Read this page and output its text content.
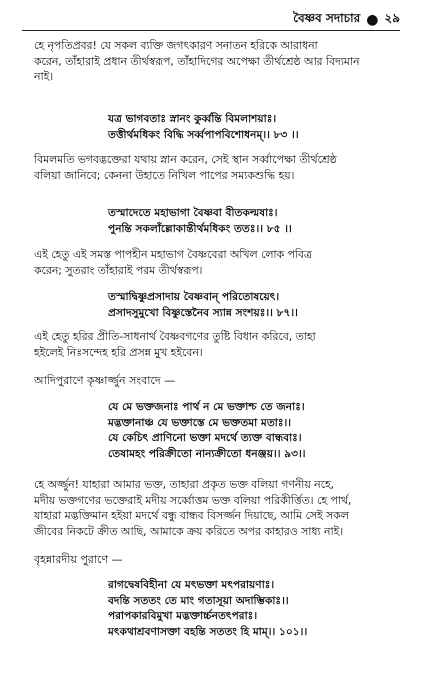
বৈষ্ণব সদাচার ● ২৯
হে নৃপতিপ্রবর! যে সকল ব্যক্তি জগৎকারণ সনাতন হরিকে আরাধনা
করেন, তাঁহারাই প্রধান তীর্থস্বরূপ, তাঁহাদিগের অপেক্ষা তীর্থশ্রেষ্ঠ আর বিদ্যমান
নাই।
যত্র ভাগবতাঃ স্নানং কুর্ব্বন্তি বিমলাশয়াঃ।
তত্তীর্থমধিকং বিদ্ধি সর্ব্বপাপবিশোধনম্।। ৮৩ ।।
বিমলমতি ভগবদ্ভক্তেরা যথায় স্নান করেন, সেই স্থান সর্ব্বাপেক্ষা তীর্থশ্রেষ্ঠ
বলিয়া জানিবে; কেননা উহাতে নিখিল পাপের সম্যকশুদ্ধি হয়।
তস্মাদেতে মহাভাগা বৈষ্ণবা বীতকল্মষাঃ।
পুনন্তি সকলাঁল্লোকান্তীর্থমধিকং ততঃ।। ৮৫ ।।
এই হেতু এই সমস্ত পাপহীন মহাভাগ বৈষ্ণবেরা অখিল লোক পবিত্র
করেন; সুতরাং তাঁহারাই পরম তীর্থস্বরূপ।
তস্মাদ্বিষ্ণুপ্রসাদায় বৈষ্ণবান্ পরিতোষয়েৎ।
প্রসাদসুমুখো বিষ্ণুস্তেনৈব স্যান্ন সংশয়ঃ।। ৮৭।।
এই হেতু হরির প্রীতি-সাধনার্থ বৈষ্ণবগণের তুষ্টি বিধান করিবে, তাহা
হইলেই নিঃসন্দেহ হরি প্রসন্ন মুখ হইবেন।
আদিপুরাণে কৃষ্ণার্জ্জুন সংবাদে —
যে মে ভক্তজনাঃ পার্থ ন মে ভক্তাশ্চ তে জনাঃ।
মদ্ভক্তানাঞ্চ যে ভক্তাস্তে মে ভক্ততমা মতাঃ।।
যে কেচিৎ প্রাণিনো ভক্তা মদর্থে ত্যক্ত বান্ধবাঃ।
তেষামহং পরিক্রীতো নান্যক্রীতো ধনঞ্জয়।। ৯৩।।
হে অর্জ্জুন! যাহারা আমার ভক্ত, তাহারা প্রকৃত ভক্ত বলিয়া গণনীয় নহে,
মদীয় ভক্তগণের ভক্তেরাই মদীয় সর্ব্বোত্তম ভক্ত বলিয়া পরিকীর্ত্তিত। হে পার্থ,
যাহারা মদ্ভক্তিমান হইয়া মদর্থে বন্ধু বান্ধব বিসর্জ্জন দিয়াছে, আমি সেই সকল
জীবের নিকটে ক্রীত আছি, আমাকে ক্রয় করিতে অপর কাহারও সাধ্য নাই।
বৃহন্নারদীয় পুরাণে —
রাগদ্বেষবিহীনা যে মৎভক্তা মৎপরায়ণাঃ।
বদন্তি সততং তে মাং গতাসূয়া অদাম্ভিকাঃ।।
পরাপকারবিমুখা মদ্ভক্তার্চ্চনতৎপরাঃ।
মৎকথাশ্রবণাসক্তা বহন্তি সততং হি মাম্।। ১০১।।
